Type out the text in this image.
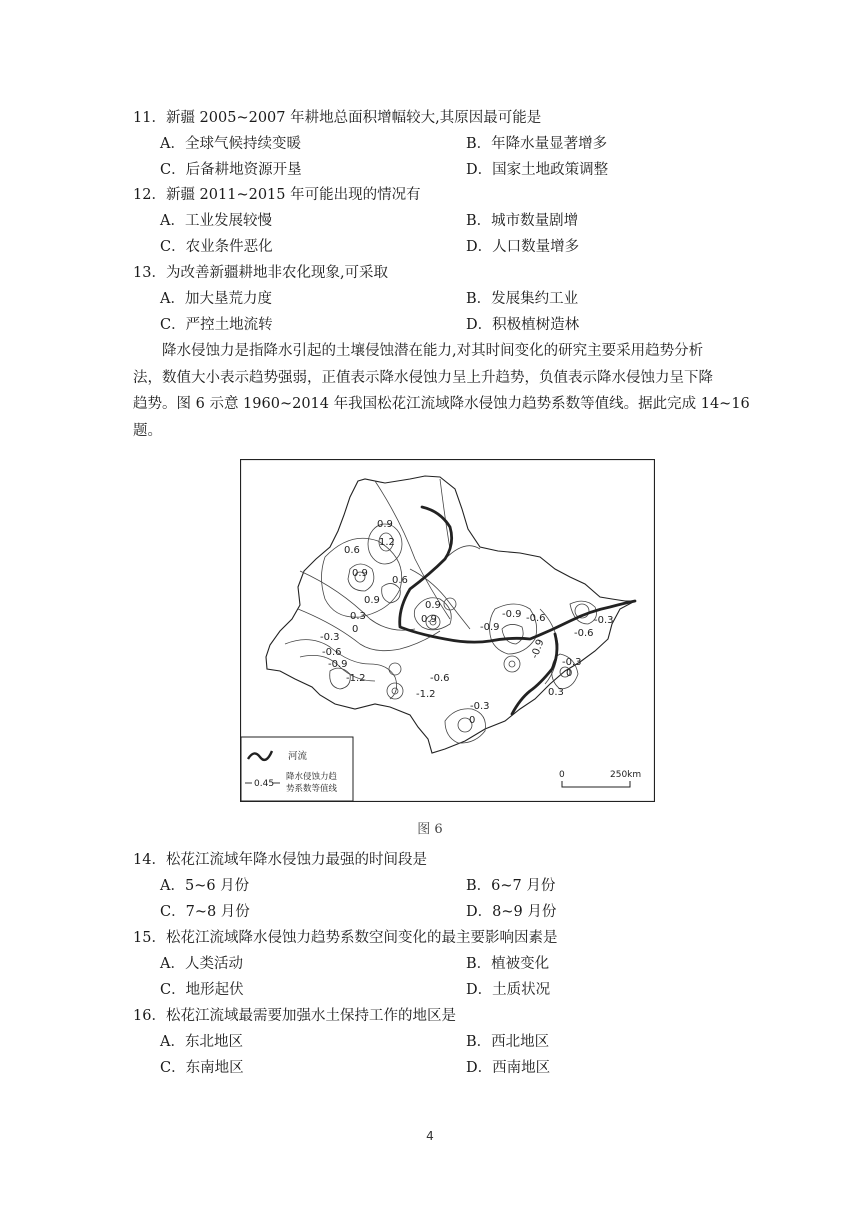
11．新疆 2005~2007 年耕地总面积增幅较大,其原因最可能是
A．全球气候持续变暖	B．年降水量显著增多
C．后备耕地资源开垦	D．国家土地政策调整
12．新疆 2011~2015 年可能出现的情况有
A．工业发展较慢	B．城市数量剧增
C．农业条件恶化	D．人口数量增多
13．为改善新疆耕地非农化现象,可采取
A．加大垦荒力度	B．发展集约工业
C．严控土地流转	D．积极植树造林
降水侵蚀力是指降水引起的土壤侵蚀潜在能力,对其时间变化的研究主要采用趋势分析
法，数值大小表示趋势强弱，正值表示降水侵蚀力呈上升趋势，负值表示降水侵蚀力呈下降
趋势。图 6 示意 1960~2014 年我国松花江流域降水侵蚀力趋势系数等值线。据此完成 14~16
题。
0.9
1.2
0.6
0.9
0.6
0.9
0.3
0
0.9
0.9	-0.9
-0.9
-0.6	-0.3
-0.6
-0.3
-0.6
-0.9
-1.2	-0.6
-1.2
-0.9
-0.3
0
-0.3
0
0.3
河流
0.45
降水侵蚀力趋
势系数等值线
0	250km
图 6
14．松花江流域年降水侵蚀力最强的时间段是
A．5~6 月份	B．6~7 月份
C．7~8 月份	D．8~9 月份
15．松花江流域降水侵蚀力趋势系数空间变化的最主要影响因素是
A．人类活动	B．植被变化
C．地形起伏	D．土质状况
16．松花江流域最需要加强水土保持工作的地区是
A．东北地区	B．西北地区
C．东南地区	D．西南地区
4
